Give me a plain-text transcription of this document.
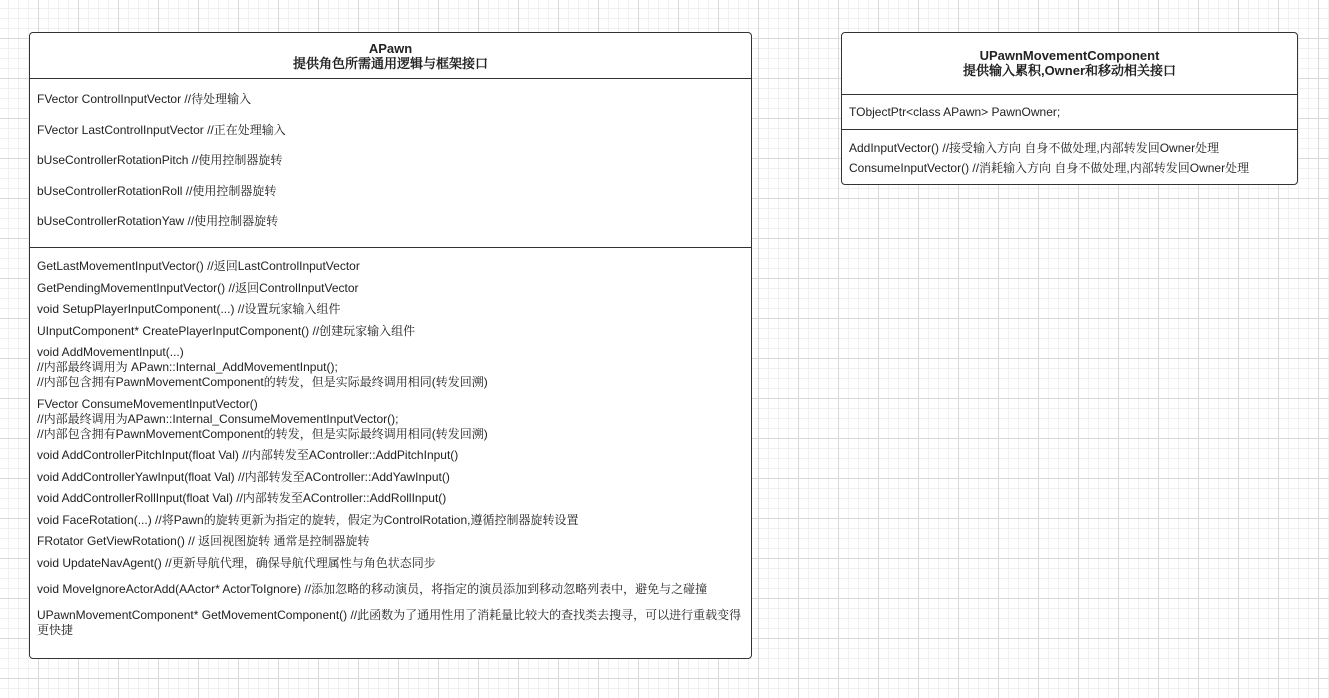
APawn
提供角色所需通用逻辑与框架接口
FVector ControlInputVector //待处理输入
FVector LastControlInputVector //正在处理输入
bUseControllerRotationPitch //使用控制器旋转
bUseControllerRotationRoll //使用控制器旋转
bUseControllerRotationYaw //使用控制器旋转
GetLastMovementInputVector() //返回LastControlInputVector
GetPendingMovementInputVector() //返回ControlInputVector
void SetupPlayerInputComponent(...) //设置玩家输入组件
UInputComponent* CreatePlayerInputComponent() //创建玩家输入组件
void AddMovementInput(...)
//内部最终调用为 APawn::Internal_AddMovementInput();
//内部包含拥有PawnMovementComponent的转发，但是实际最终调用相同(转发回溯)
FVector ConsumeMovementInputVector()
//内部最终调用为APawn::Internal_ConsumeMovementInputVector();
//内部包含拥有PawnMovementComponent的转发，但是实际最终调用相同(转发回溯)
void AddControllerPitchInput(float Val) //内部转发至AController::AddPitchInput()
void AddControllerYawInput(float Val) //内部转发至AController::AddYawInput()
void AddControllerRollInput(float Val) //内部转发至AController::AddRollInput()
void FaceRotation(...) //将Pawn的旋转更新为指定的旋转，假定为ControlRotation,遵循控制器旋转设置
FRotator GetViewRotation() // 返回视图旋转 通常是控制器旋转
void UpdateNavAgent() //更新导航代理，确保导航代理属性与角色状态同步
void MoveIgnoreActorAdd(AActor* ActorToIgnore) //添加忽略的移动演员，将指定的演员添加到移动忽略列表中，避免与之碰撞
UPawnMovementComponent* GetMovementComponent() //此函数为了通用性用了消耗量比较大的查找类去搜寻，可以进行重载变得更快捷
UPawnMovementComponent
提供输入累积,Owner和移动相关接口
TObjectPtr<class APawn> PawnOwner;
AddInputVector() //接受输入方向 自身不做处理,内部转发回Owner处理
ConsumeInputVector() //消耗输入方向 自身不做处理,内部转发回Owner处理
